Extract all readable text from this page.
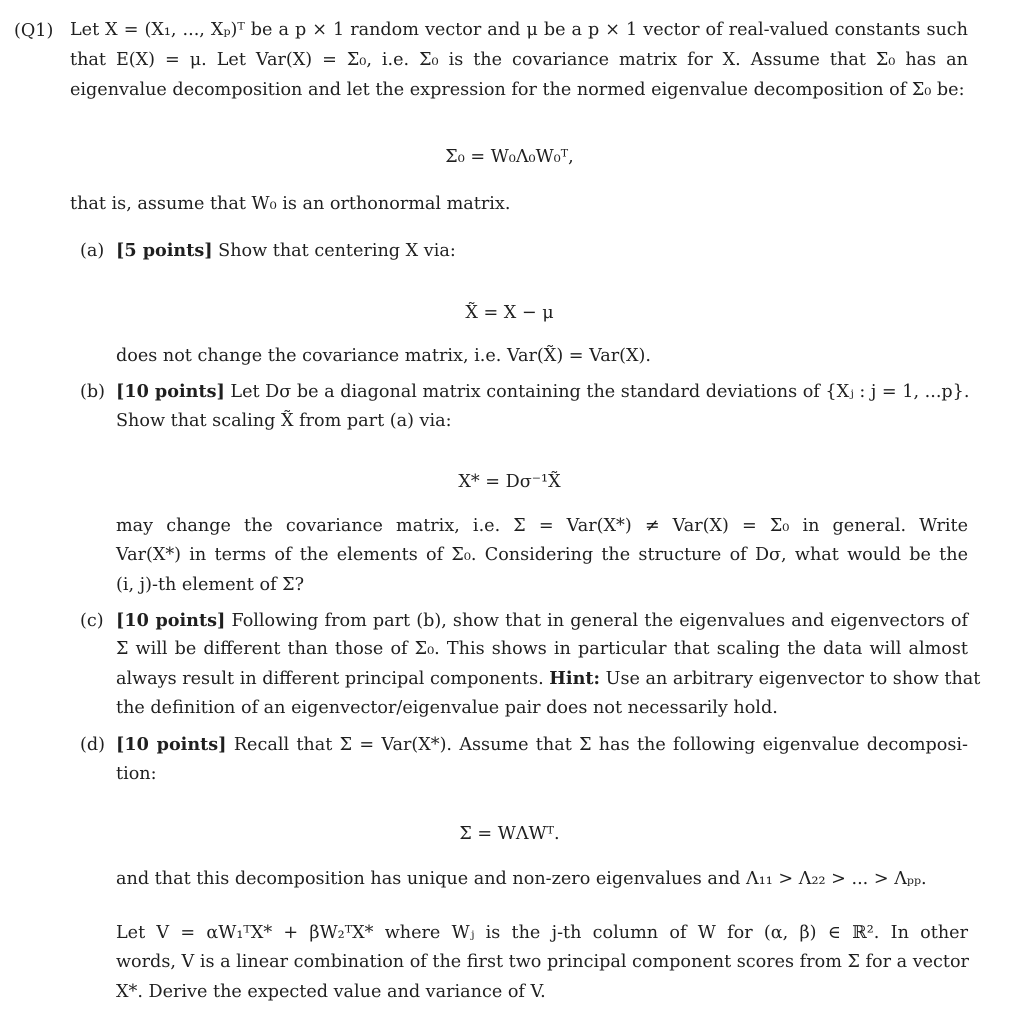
(Q1) Let X = (X₁, ..., Xₚ)ᵀ be a p × 1 random vector and μ be a p × 1 vector of real-valued constants such
that E(X) = μ. Let Var(X) = Σ₀, i.e. Σ₀ is the covariance matrix for X. Assume that Σ₀ has an
eigenvalue decomposition and let the expression for the normed eigenvalue decomposition of Σ₀ be:
Σ₀ = W₀Λ₀W₀ᵀ,
that is, assume that W₀ is an orthonormal matrix.
(a) [5 points] Show that centering X via:
X̃ = X − μ
does not change the covariance matrix, i.e. Var(X̃) = Var(X).
(b) [10 points] Let Dσ be a diagonal matrix containing the standard deviations of {Xⱼ : j = 1, ...p}.
Show that scaling X̃ from part (a) via:
X* = Dσ⁻¹X̃
may change the covariance matrix, i.e. Σ = Var(X*) ≠ Var(X) = Σ₀ in general. Write
Var(X*) in terms of the elements of Σ₀. Considering the structure of Dσ, what would be the
(i, j)-th element of Σ?
(c) [10 points] Following from part (b), show that in general the eigenvalues and eigenvectors of
Σ will be different than those of Σ₀. This shows in particular that scaling the data will almost
always result in different principal components. Hint: Use an arbitrary eigenvector to show that
the definition of an eigenvector/eigenvalue pair does not necessarily hold.
(d) [10 points] Recall that Σ = Var(X*). Assume that Σ has the following eigenvalue decomposi-
tion:
Σ = WΛWᵀ.
and that this decomposition has unique and non-zero eigenvalues and Λ₁₁ > Λ₂₂ > ... > Λₚₚ.
Let V = αW₁ᵀX* + βW₂ᵀX* where Wⱼ is the j-th column of W for (α, β) ∈ ℝ². In other
words, V is a linear combination of the first two principal component scores from Σ for a vector
X*. Derive the expected value and variance of V.
